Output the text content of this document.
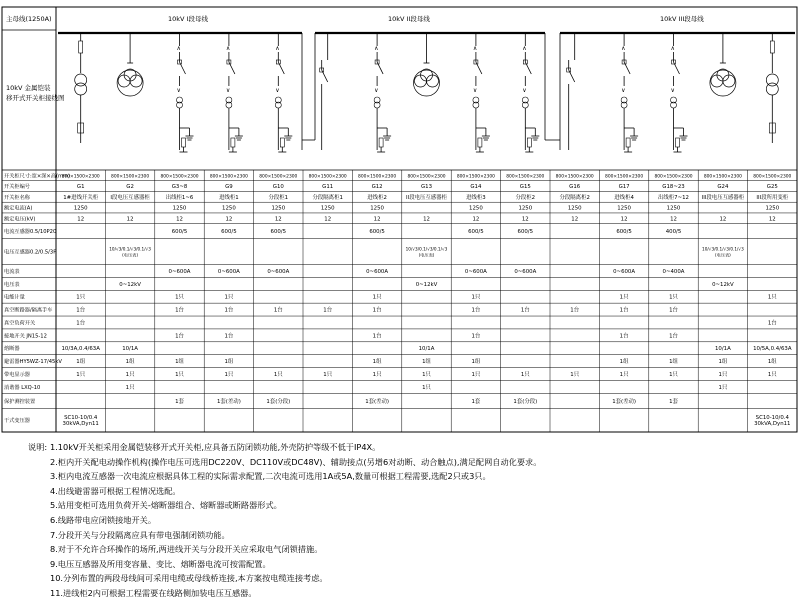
主母线(1250A)
10kV 金属铠装
移开式开关柜接线图
10kV I段母线	10kV II段母线	10kV III段母线
∧
∨
∧
∨
∧
∨
∧
∨
∧
∨
∧
∨
∧
∨
∧
∨
开关柜尺寸:宽×深×高(mm)
开关柜编号
开关柜名称
额定电流(A)
额定电压(kV)
电流互感器0.5/10P20
电压互感器0.2/0.5/3P
电流表
电压表
电能计量
真空断路器/隔离手车
真空负荷开关
接地开关 JN15-12
熔断器
避雷器HY5WZ-17/45kV
带电显示器
消谐器 LXQ-10
保护测控装置
干式变压器
800×1500×2300
G1
1#进线开关柜
1250
12
1只
1台
1台
10/3A,0.4/63A
1组
1只
SC10-10/0.4 30kVA,Dyn11
800×1500×2300
G2
I段电压互感器柜
12
10/√3/0.1/√3/0.1/√3 (电压表)
0~12kV
10/1A
1组
1只
1只
800×1500×2300
G3~8
出线柜1~6
1250
12
600/5
0~600A
1只
1台
1台
1组
1只
1套
800×1500×2300
G9
进线柜1
1250
12
600/5
0~600A
1只
1台
1台
1组
1只
1套(差动)
800×1500×2300
G10
分段柜1
1250
12
600/5
0~600A
1台
1只
1套(分段)
800×1500×2300
G11
分段隔离柜1
1250
12
1台
1只
800×1500×2300
G12
进线柜2
1250
12
600/5
0~600A
1只
1台
1台
1组
1只
1套(差动)
800×1500×2300
G13
II段电压互感器柜
12
10/√3/0.1/√3/0.1/√3 (电压表)
0~12kV
10/1A
1组
1只
1只
800×1500×2300
G14
进线柜3
1250
12
600/5
0~600A
1只
1台
1台
1组
1只
1套
800×1500×2300
G15
分段柜2
1250
12
600/5
0~600A
1台
1只
1套(分段)
800×1500×2300
G16
分段隔离柜2
1250
12
1台
1只
800×1500×2300
G17
进线柜4
1250
12
600/5
0~600A
1只
1台
1台
1组
1只
1套(差动)
800×1500×2300
G18~23
出线柜7~12
1250
12
400/5
0~400A
1只
1台
1台
1组
1只
1套
800×1500×2300
G24
III段电压互感器柜
12
10/√3/0.1/√3/0.1/√3 (电压表)
0~12kV
10/1A
1组
1只
1只
800×1500×2300
G25
III段所用变柜
1250
12
1只
1台
10/5A,0.4/63A
1组
1只
SC10-10/0.4 30kVA,Dyn11
说明: 1.10kV开关柜采用金属铠装移开式开关柜,应具备五防闭锁功能,外壳防护等级不低于IP4X。
2.柜内开关配电动操作机构(操作电压可选用DC220V、DC110V或DC48V)、辅助接点(另增6对动断、动合触点),满足配网自动化要求。
3.柜内电流互感器一次电流应根据具体工程的实际需求配置,二次电流可选用1A或5A,数量可根据工程需要,选配2只或3只。
4.出线避雷器可根据工程情况选配。
5.站用变柜可选用负荷开关-熔断器组合、熔断器或断路器形式。
6.线路带电应闭锁接地开关。
7.分段开关与分段隔离应具有带电强制闭锁功能。
8.对于不允许合环操作的场所,两进线开关与分段开关应采取电气闭锁措施。
9.电压互感器及所用变容量、变比、熔断器电流可按需配置。
10.分列布置的两段母线间可采用电缆或母线桥连接,本方案按电缆连接考虑。
11.进线柜2内可根据工程需要在线路侧加装电压互感器。
